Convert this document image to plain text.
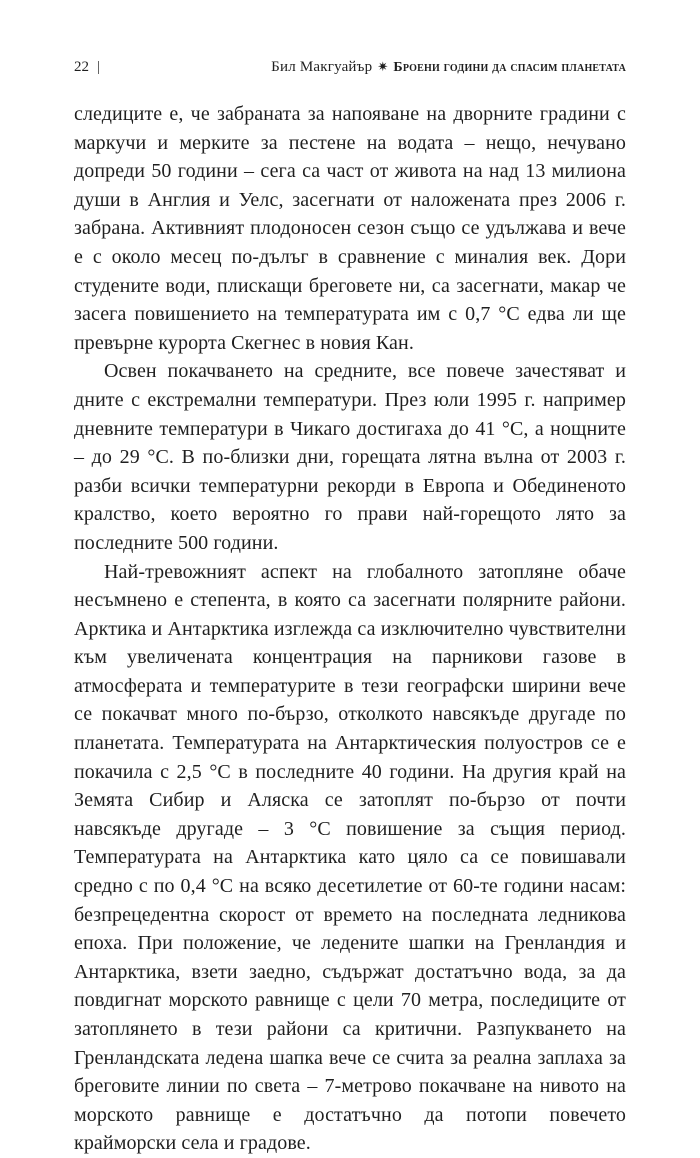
22 |	Бил Макгуайър ✷ Броени години да спасим планетата

следиците е, че забраната за напояване на дворните градини с маркучи и мерките за пестене на водата – нещо, нечувано допреди 50 години – сега са част от живота на над 13 милиона души в Англия и Уелс, засегнати от наложената през 2006 г. забрана. Активният плодоносен сезон също се удължава и вече е с около месец по-дълъг в сравнение с миналия век. Дори студените води, плискащи бреговете ни, са засегнати, макар че засега повишението на температурата им с 0,7 °С едва ли ще превърне курорта Скегнес в новия Кан.

Освен покачването на средните, все повече зачестяват и дните с екстремални температури. През юли 1995 г. например дневните температури в Чикаго достигаха до 41 °С, а нощните – до 29 °С. В по-близки дни, горещата лятна вълна от 2003 г. разби всички температурни рекорди в Европа и Обединеното кралство, което вероятно го прави най-горещото лято за последните 500 години.

Най-тревожният аспект на глобалното затопляне обаче несъмнено е степента, в която са засегнати полярните райони. Арктика и Антарктика изглежда са изключително чувствителни към увеличената концентрация на парникови газове в атмосферата и температурите в тези географски ширини вече се покачват много по-бързо, отколкото навсякъде другаде по планетата. Температурата на Антарктическия полуостров се е покачила с 2,5 °С в последните 40 години. На другия край на Земята Сибир и Аляска се затоплят по-бързо от почти навсякъде другаде – 3 °С повишение за същия период. Температурата на Антарктика като цяло са се повишавали средно с по 0,4 °С на всяко десетилетие от 60-те години насам: безпрецедентна скорост от времето на последната ледникова епоха. При положение, че ледените шапки на Гренландия и Антарктика, взети заедно, съдържат достатъчно вода, за да повдигнат морското равнище с цели 70 метра, последиците от затоплянето в тези райони са критични. Разпукването на Гренландската ледена шапка вече се счита за реална заплаха за бреговите линии по света – 7-метрово покачване на нивото на морското равнище е достатъчно да потопи повечето крайморски села и градове.
